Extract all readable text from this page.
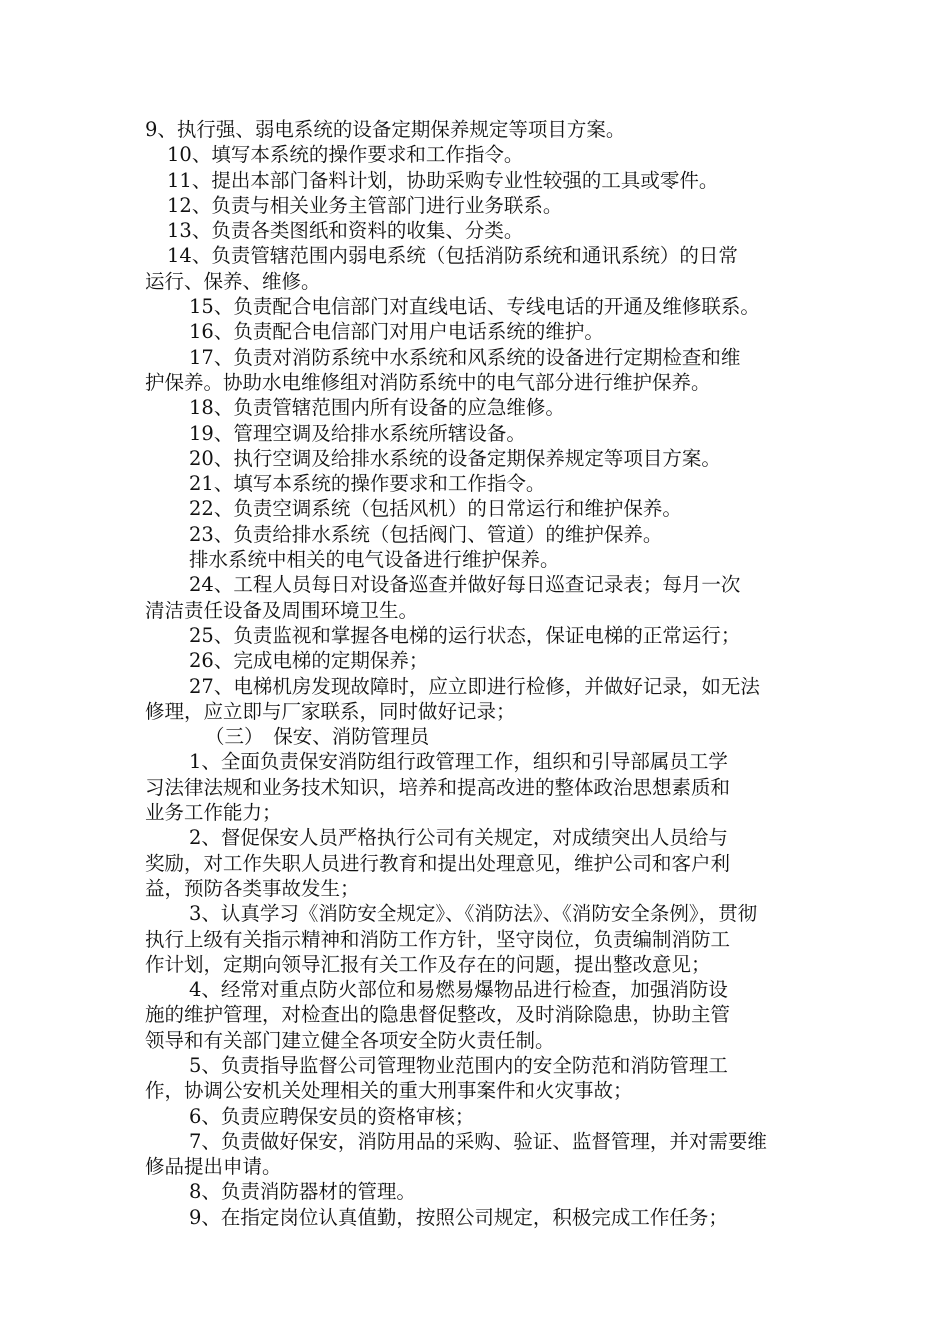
9、执行强、弱电系统的设备定期保养规定等项目方案。
10、填写本系统的操作要求和工作指令。
11、提出本部门备料计划，协助采购专业性较强的工具或零件。
12、负责与相关业务主管部门进行业务联系。
13、负责各类图纸和资料的收集、分类。
14、负责管辖范围内弱电系统（包括消防系统和通讯系统）的日常
运行、保养、维修。
15、负责配合电信部门对直线电话、专线电话的开通及维修联系。
16、负责配合电信部门对用户电话系统的维护。
17、负责对消防系统中水系统和风系统的设备进行定期检查和维
护保养。协助水电维修组对消防系统中的电气部分进行维护保养。
18、负责管辖范围内所有设备的应急维修。
19、管理空调及给排水系统所辖设备。
20、执行空调及给排水系统的设备定期保养规定等项目方案。
21、填写本系统的操作要求和工作指令。
22、负责空调系统（包括风机）的日常运行和维护保养。
23、负责给排水系统（包括阀门、管道）的维护保养。
排水系统中相关的电气设备进行维护保养。
24、工程人员每日对设备巡查并做好每日巡查记录表；每月一次
清洁责任设备及周围环境卫生。
25、负责监视和掌握各电梯的运行状态，保证电梯的正常运行；
26、完成电梯的定期保养；
27、电梯机房发现故障时，应立即进行检修，并做好记录，如无法
修理，应立即与厂家联系，同时做好记录；
（三）　保安、消防管理员
1、全面负责保安消防组行政管理工作，组织和引导部属员工学
习法律法规和业务技术知识，培养和提高改进的整体政治思想素质和
业务工作能力；
2、督促保安人员严格执行公司有关规定，对成绩突出人员给与
奖励，对工作失职人员进行教育和提出处理意见，维护公司和客户利
益，预防各类事故发生；
3、认真学习《消防安全规定》、《消防法》、《消防安全条例》，贯彻
执行上级有关指示精神和消防工作方针，坚守岗位，负责编制消防工
作计划，定期向领导汇报有关工作及存在的问题，提出整改意见；
4、经常对重点防火部位和易燃易爆物品进行检查，加强消防设
施的维护管理，对检查出的隐患督促整改，及时消除隐患，协助主管
领导和有关部门建立健全各项安全防火责任制。
5、负责指导监督公司管理物业范围内的安全防范和消防管理工
作，协调公安机关处理相关的重大刑事案件和火灾事故；
6、负责应聘保安员的资格审核；
7、负责做好保安，消防用品的采购、验证、监督管理，并对需要维
修品提出申请。
8、负责消防器材的管理。
9、在指定岗位认真值勤，按照公司规定，积极完成工作任务；
